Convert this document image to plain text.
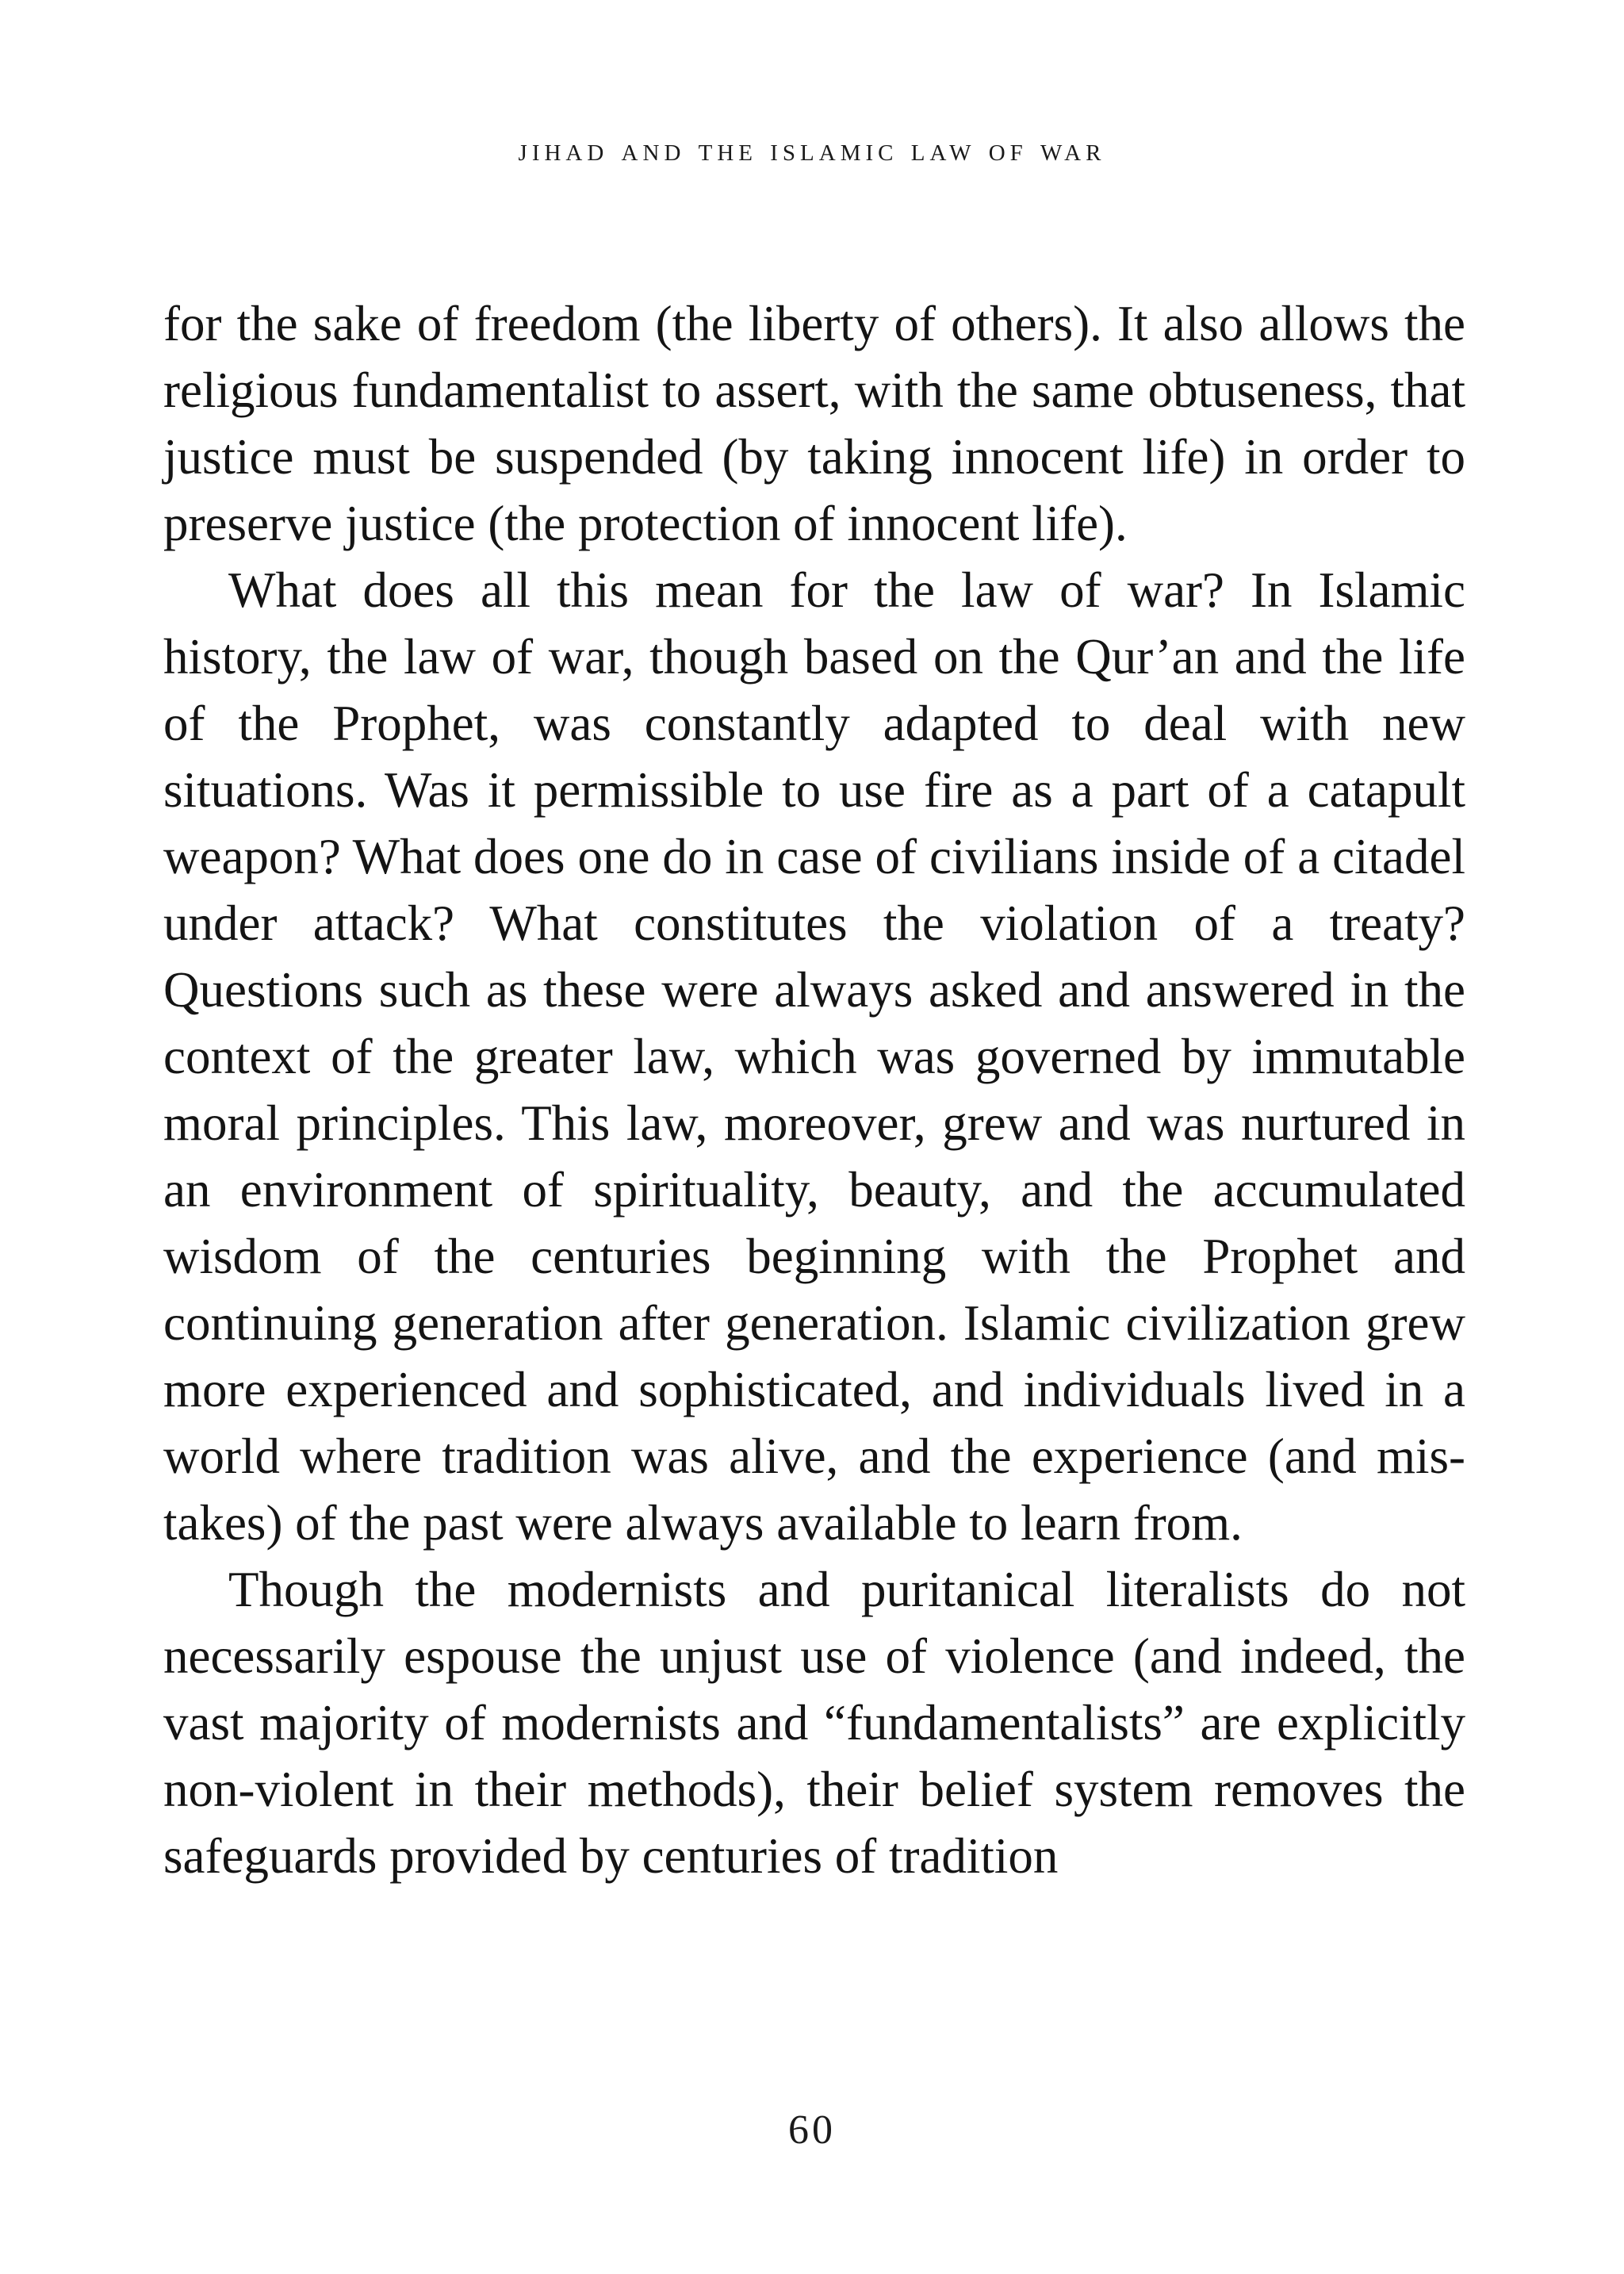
jihad and the islamic law of war

for the sake of freedom (the liberty of others). It also allows the religious fundamentalist to assert, with the same obtuseness, that justice must be suspended (by taking innocent life) in order to preserve justice (the protection of innocent life).

What does all this mean for the law of war? In Islamic history, the law of war, though based on the Qur’an and the life of the Prophet, was constantly adapted to deal with new situations. Was it permissible to use fire as a part of a catapult weapon? What does one do in case of civilians inside of a citadel under attack? What constitutes the violation of a treaty? Questions such as these were always asked and answered in the context of the greater law, which was governed by immutable moral principles. This law, moreover, grew and was nurtured in an environment of spirituality, beauty, and the accumulated wisdom of the centuries beginning with the Prophet and continuing generation after generation. Islamic civilization grew more experienced and sophisticated, and individuals lived in a world where tradition was alive, and the experience (and mistakes) of the past were always available to learn from.

Though the modernists and puritanical literalists do not necessarily espouse the unjust use of violence (and indeed, the vast majority of modernists and “fundamentalists” are explicitly non-violent in their methods), their belief system removes the safeguards provided by centuries of tradition

60
